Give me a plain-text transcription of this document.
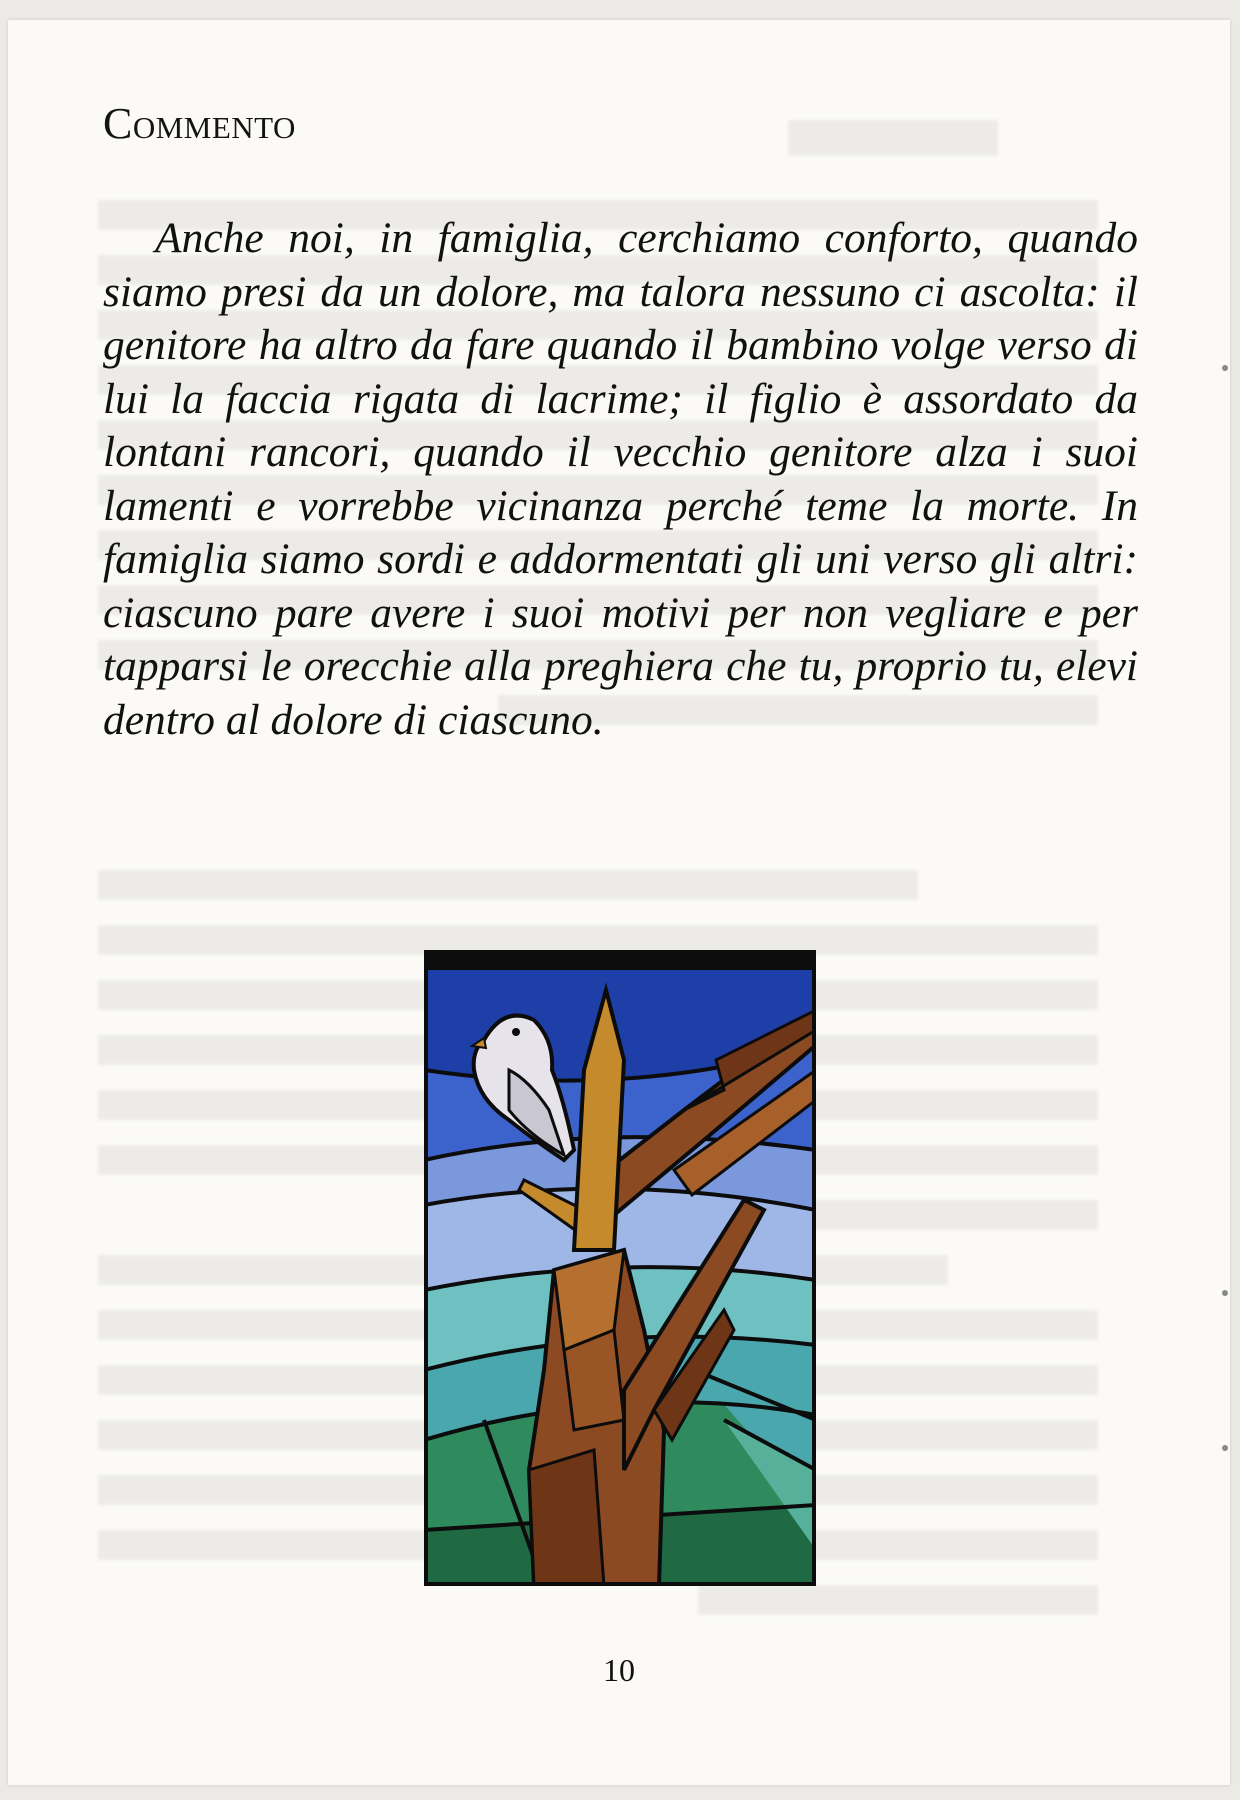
Commento

Anche noi, in famiglia, cerchiamo conforto, quando siamo presi da un dolore, ma talora nessuno ci ascolta: il genitore ha altro da fare quando il bambino volge verso di lui la faccia rigata di lacrime; il figlio è assordato da lontani rancori, quando il vecchio genitore alza i suoi lamenti e vorrebbe vicinanza perché teme la morte. In famiglia siamo sordi e addormentati gli uni verso gli altri: ciascuno pare avere i suoi motivi per non vegliare e per tapparsi le orecchie alla preghiera che tu, proprio tu, elevi dentro al dolore di ciascuno.

10
